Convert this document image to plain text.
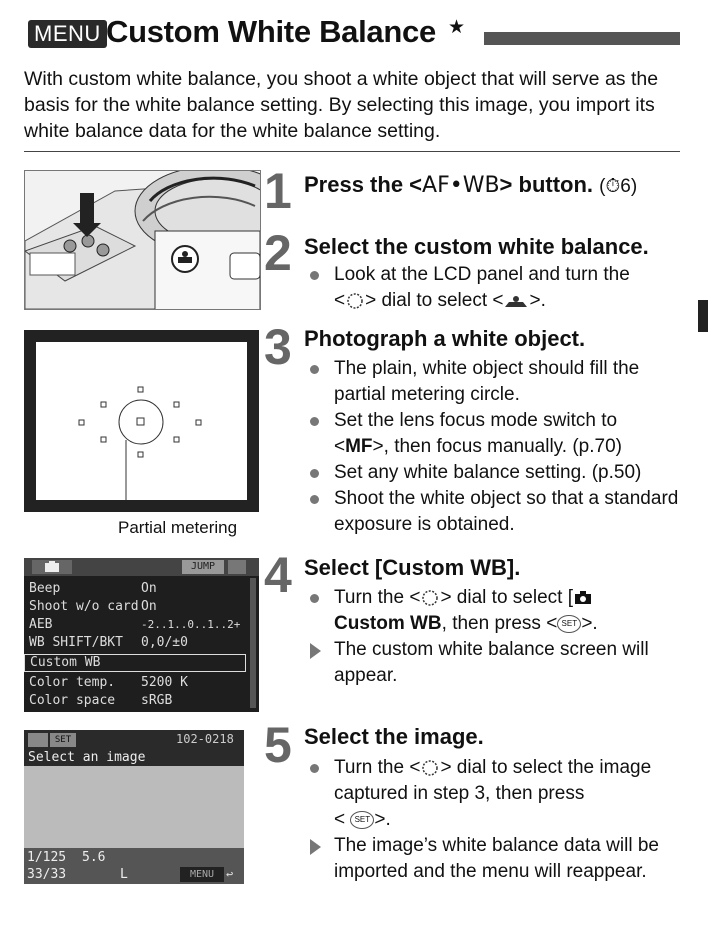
MENU Custom White Balance ★
With custom white balance, you shoot a white object that will serve as the basis for the white balance setting. By selecting this image, you import its white balance data for the white balance setting.
Partial metering
JUMP
Beep	On
Shoot w/o card On
AEB	-2..1..0..1..2+
WB SHIFT/BKT 0,0/±0
Custom WB
Color temp. 5200 K
Color space sRGB
SET	102-0218
Select an image
1/125 5.6
33/33	L	MENU ↩
1 Press the <AF•WB> button. (⏱6)
2 Select the custom white balance.
Look at the LCD panel and turn the
< > dial to select < >.
3 Photograph a white object.
The plain, white object should fill the partial metering circle.
Set the lens focus mode switch to
<MF>, then focus manually. (p.70)
Set any white balance setting. (p.50)
Shoot the white object so that a standard exposure is obtained.
4 Select [Custom WB].
Turn the < > dial to select [
Custom WB, then press < SET >.
The custom white balance screen will appear.
5 Select the image.
Turn the < > dial to select the image captured in step 3, then press
< SET >.
The image’s white balance data will be imported and the menu will reappear.
